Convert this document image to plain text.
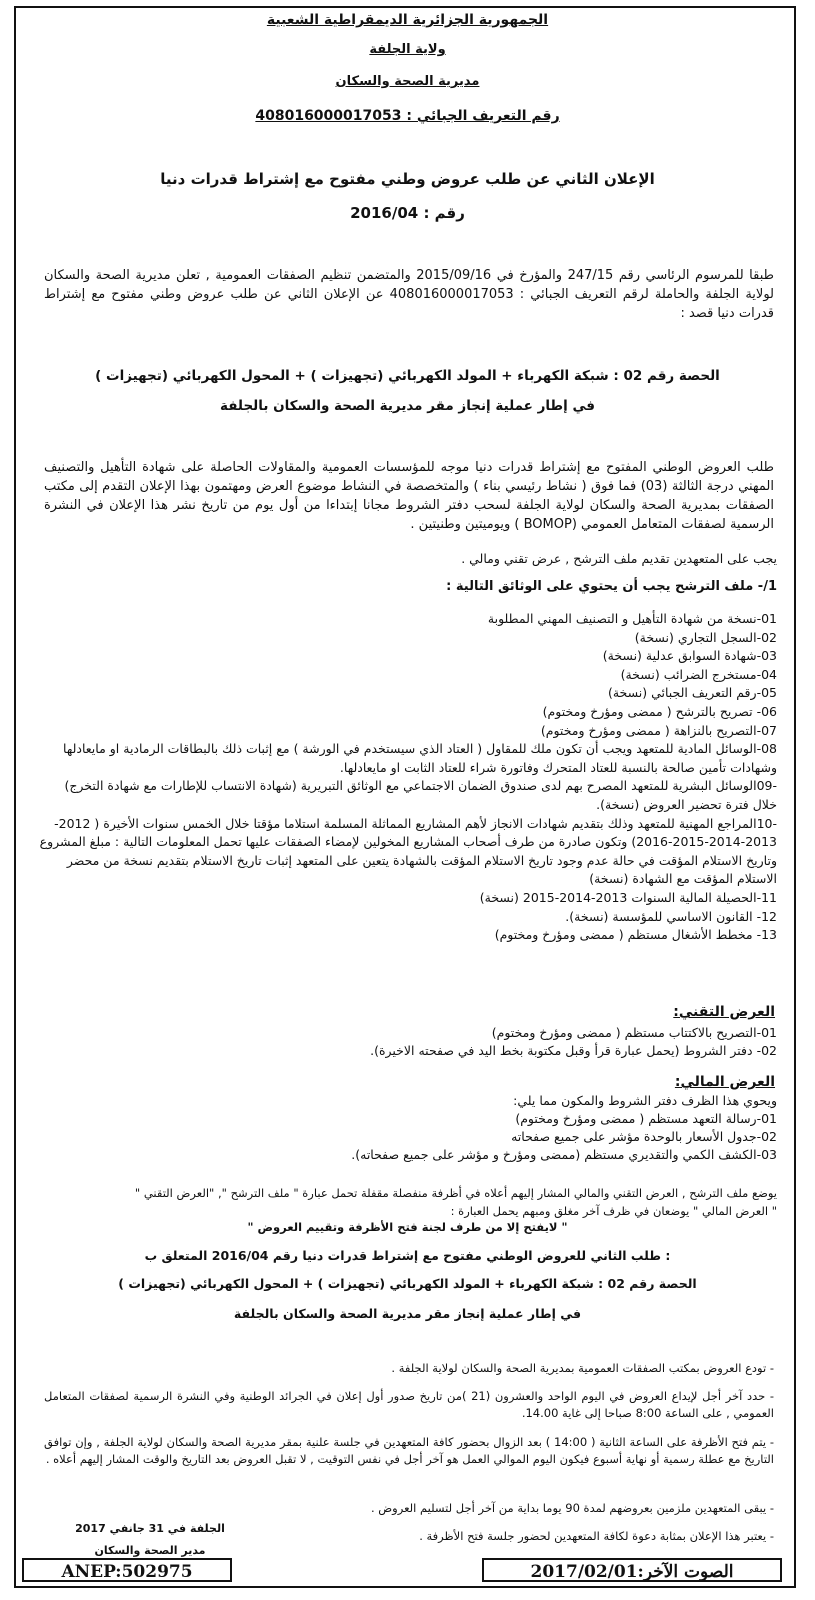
الجمهورية الجزائرية الديمقراطية الشعبية
ولاية الجلفة
مديرية الصحة والسكان
رقم التعريف الجبائي : 408016000017053
الإعلان الثاني عن طلب عروض وطني مفتوح مع إشتراط قدرات دنيا
رقم : 2016/04
طبقا للمرسوم الرئاسي رقم 247/15 والمؤرخ في 2015/09/16 والمتضمن تنظيم الصفقات العمومية , تعلن مديرية الصحة والسكان لولاية الجلفة والحاملة لرقم التعريف الجبائي : 408016000017053 عن الإعلان الثاني عن طلب عروض وطني مفتوح مع إشتراط قدرات دنيا قصد :
الحصة رقم 02 : شبكة الكهرباء + المولد الكهربائي (تجهيزات ) + المحول الكهربائي (تجهيزات )
في إطار عملية إنجاز مقر مديرية الصحة والسكان بالجلفة
طلب العروض الوطني المفتوح مع إشتراط قدرات دنيا موجه للمؤسسات العمومية والمقاولات الحاصلة على شهادة التأهيل والتصنيف المهني درجة الثالثة (03) فما فوق ( نشاط رئيسي بناء ) والمتخصصة في النشاط موضوع العرض ومهتمون بهذا الإعلان التقدم إلى مكتب الصفقات بمديرية الصحة والسكان لولاية الجلفة لسحب دفتر الشروط مجانا إبتداءا من أول يوم من تاريخ نشر هذا الإعلان في النشرة الرسمية لصفقات المتعامل العمومي (BOMOP ) ويوميتين وطنيتين .
يجب على المتعهدين تقديم ملف الترشح , عرض تقني ومالي .
1/- ملف الترشح يجب أن يحتوي على الوثائق التالية :
01-نسخة من شهادة التأهيل و التصنيف المهني المطلوبة
02-السجل التجاري (نسخة)
03-شهادة السوابق عدلية (نسخة)
04-مستخرج الضرائب (نسخة)
05-رقم التعريف الجبائي (نسخة)
06- تصريح بالترشح ( ممضى ومؤرخ ومختوم)
07-التصريح بالنزاهة ( ممضى ومؤرخ ومختوم)
08-الوسائل المادية للمتعهد ويجب أن تكون ملك للمقاول ( العتاد الذي سيستخدم في الورشة ) مع إثبات ذلك بالبطاقات الرمادية او مايعادلها وشهادات تأمين صالحة بالنسبة للعتاد المتحرك وفاتورة شراء للعتاد الثابت او مايعادلها.
-09الوسائل البشرية للمتعهد المصرح بهم لدى صندوق الضمان الاجتماعي مع الوثائق التبريرية (شهادة الانتساب للإطارات مع شهادة التخرج) خلال فترة تحضير العروض (نسخة).
-10المراجع المهنية للمتعهد وذلك بتقديم شهادات الانجاز لأهم المشاريع المماثلة المسلمة استلاما مؤقتا خلال الخمس سنوات الأخيرة ( 2012-2013-2014-2015-2016) وتكون صادرة من طرف أصحاب المشاريع المخولين لإمضاء الصفقات عليها تحمل المعلومات التالية : مبلغ المشروع وتاريخ الاستلام المؤقت في حالة عدم وجود تاريخ الاستلام المؤقت بالشهادة يتعين على المتعهد إثبات تاريخ الاستلام بتقديم نسخة من محضر الاستلام المؤقت مع الشهادة (نسخة)
11-الحصيلة المالية السنوات 2013-2014-2015 (نسخة)
12- القانون الاساسي للمؤسسة (نسخة).
13- مخطط الأشغال مستظم ( ممضى ومؤرخ ومختوم)
العرض التقني:
01-التصريح بالاكتتاب مستظم ( ممضى ومؤرخ ومختوم)
02- دفتر الشروط (يحمل عبارة قرأ وقبل مكتوبة بخط اليد في صفحته الاخيرة).
العرض المالي:
ويحوي هذا الظرف دفتر الشروط والمكون مما يلي:
01-رسالة التعهد مستظم ( ممضى ومؤرخ ومختوم)
02-جدول الأسعار بالوحدة مؤشر على جميع صفحاته
03-الكشف الكمي والتقديري مستظم (ممضى ومؤرخ و مؤشر على جميع صفحاته).
يوضع ملف الترشح , العرض التقني والمالي المشار إليهم أعلاه في أظرفة منفصلة مقفلة تحمل عبارة " ملف الترشح ", "العرض التقني "
" العرض المالي " يوضعان في ظرف آخر مغلق ومبهم يحمل العبارة :
" لايفتح إلا من طرف لجنة فتح الأظرفة وتقييم العروض "
طلب الثاني للعروض الوطني مفتوح مع إشتراط قدرات دنيا رقم 2016/04 المتعلق ب :
الحصة رقم 02 : شبكة الكهرباء + المولد الكهربائي (تجهيزات ) + المحول الكهربائي (تجهيزات )
في إطار عملية إنجاز مقر مديرية الصحة والسكان بالجلفة
- تودع العروض بمكتب الصفقات العمومية بمديرية الصحة والسكان لولاية الجلفة .
- حدد آخر أجل لإيداع العروض في اليوم الواحد والعشرون (21 )من تاريخ صدور أول إعلان في الجرائد الوطنية وفي النشرة الرسمية لصفقات المتعامل العمومي , على الساعة 8:00 صباحا إلى غاية 14.00.
- يتم فتح الأظرفة على الساعة الثانية ( 14:00 ) بعد الزوال بحضور كافة المتعهدين في جلسة علنية بمقر مديرية الصحة والسكان لولاية الجلفة , وإن توافق التاريخ مع عطلة رسمية أو نهاية أسبوع فيكون اليوم الموالي العمل هو آخر أجل في نفس التوقيت , لا تقبل العروض بعد التاريخ والوقت المشار إليهم أعلاه .
- يبقى المتعهدين ملزمين بعروضهم لمدة 90 يوما بداية من آخر أجل لتسليم العروض .
- يعتبر هذا الإعلان بمثابة دعوة لكافة المتعهدين لحضور جلسة فتح الأظرفة .
الجلفة في 31 جانفي 2017
مدير الصحة والسكان
ANEP:502975	الصوت الآخر:2017/02/01
